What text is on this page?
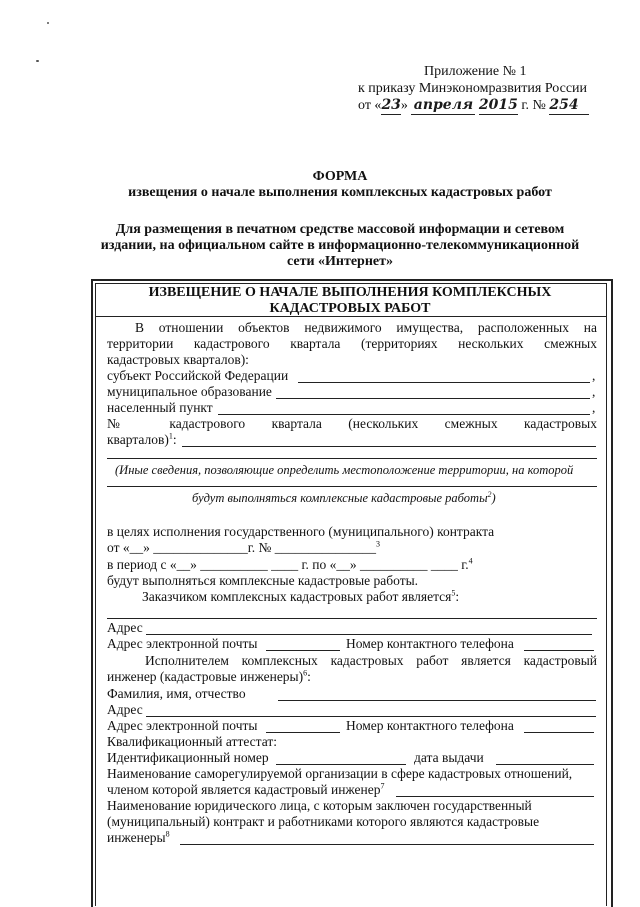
Приложение № 1
к приказу Минэкономразвития России
от «23» апреля 2015 г. № 254
ФОРМА
извещения о начале выполнения комплексных кадастровых работ
Для размещения в печатном средстве массовой информации и сетевом
издании, на официальном сайте в информационно-телекоммуникационной
сети «Интернет»
ИЗВЕЩЕНИЕ О НАЧАЛЕ ВЫПОЛНЕНИЯ КОМПЛЕКСНЫХ
КАДАСТРОВЫХ РАБОТ
В отношении объектов недвижимого имущества, расположенных на
территории кадастрового квартала (территориях нескольких смежных
кадастровых кварталов):
субъект Российской Федерации	,
муниципальное образование	,
населенный пункт	,
№ кадастрового квартала (нескольких смежных кадастровых
кварталов)$^1$:
(Иные сведения, позволяющие определить местоположение территории, на которой
будут выполняться комплексные кадастровые работы$^2$)
в целях исполнения государственного (муниципального) контракта
от «__» ______________г. № _______________$^3$
в период с «__» __________ ____ г. по «__» __________ ____ г.$^4$
будут выполняться комплексные кадастровые работы.
Заказчиком комплексных кадастровых работ является$^5$:
Адрес
Адрес электронной почты	Номер контактного телефона
Исполнителем комплексных кадастровых работ является кадастровый
инженер (кадастровые инженеры)$^6$:
Фамилия, имя, отчество
Адрес
Адрес электронной почты	Номер контактного телефона
Квалификационный аттестат:
Идентификационный номер	дата выдачи
Наименование саморегулируемой организации в сфере кадастровых отношений,
членом которой является кадастровый инженер$^7$
Наименование юридического лица, с которым заключен государственный
(муниципальный) контракт и работниками которого являются кадастровые
инженеры$^8$
